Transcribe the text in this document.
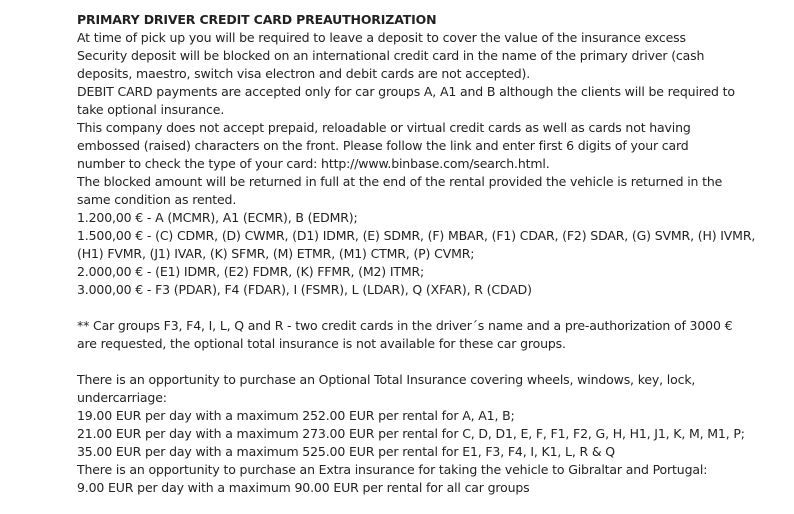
PRIMARY DRIVER CREDIT CARD PREAUTHORIZATION

At time of pick up you will be required to leave a deposit to cover the value of the insurance excess

Security deposit will be blocked on an international credit card in the name of the primary driver (cash

deposits, maestro, switch visa electron and debit cards are not accepted).

DEBIT CARD payments are accepted only for car groups A, A1 and B although the clients will be required to

take optional insurance.

This company does not accept prepaid, reloadable or virtual credit cards as well as cards not having

embossed (raised) characters on the front. Please follow the link and enter first 6 digits of your card

number to check the type of your card: http://www.binbase.com/search.html.

The blocked amount will be returned in full at the end of the rental provided the vehicle is returned in the

same condition as rented.

1.200,00 € - A (MCMR), A1 (ECMR), B (EDMR);

1.500,00 € - (C) CDMR, (D) CWMR, (D1) IDMR, (E) SDMR, (F) MBAR, (F1) CDAR, (F2) SDAR, (G) SVMR, (H) IVMR,

(H1) FVMR, (J1) IVAR, (K) SFMR, (M) ETMR, (M1) CTMR, (P) CVMR;

2.000,00 € - (E1) IDMR, (E2) FDMR, (K) FFMR, (M2) ITMR;

3.000,00 € - F3 (PDAR), F4 (FDAR), I (FSMR), L (LDAR), Q (XFAR), R (CDAD)

** Car groups F3, F4, I, L, Q and R - two credit cards in the driver´s name and a pre-authorization of 3000 €

are requested, the optional total insurance is not available for these car groups.

There is an opportunity to purchase an Optional Total Insurance covering wheels, windows, key, lock,

undercarriage:

19.00 EUR per day with a maximum 252.00 EUR per rental for A, A1, B;

21.00 EUR per day with a maximum 273.00 EUR per rental for C, D, D1, E, F, F1, F2, G, H, H1, J1, K, M, M1, P;

35.00 EUR per day with a maximum 525.00 EUR per rental for E1, F3, F4, I, K1, L, R & Q

There is an opportunity to purchase an Extra insurance for taking the vehicle to Gibraltar and Portugal:

9.00 EUR per day with a maximum 90.00 EUR per rental for all car groups
